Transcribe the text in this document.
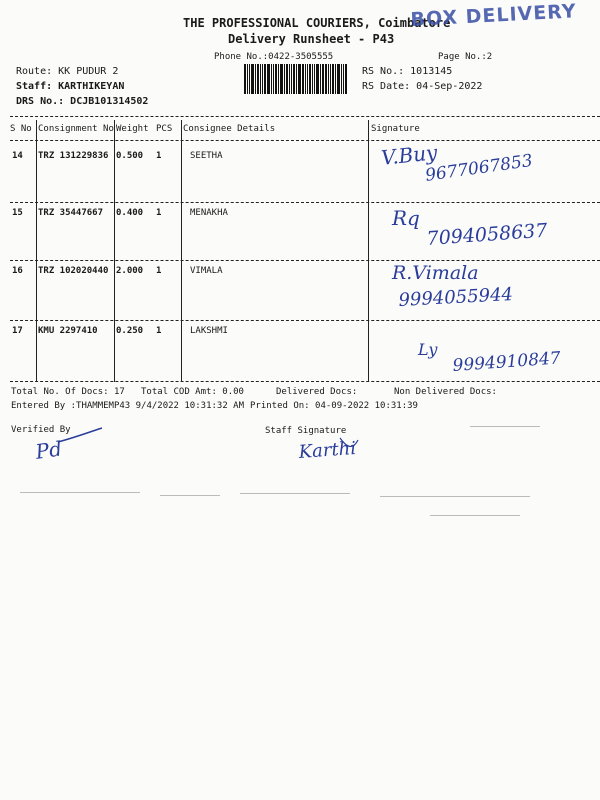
THE PROFESSIONAL COURIERS, Coimbatore
Delivery Runsheet - P43
Phone No.:0422-3505555	Page No.:2
BOX DELIVERY
Route: KK PUDUR 2
Staff: KARTHIKEYAN
DRS No.: DCJB101314502
RS No.: 1013145
RS Date: 04-Sep-2022
S No Consignment No Weight PCS Consignee Details	Signature
14 TRZ 131229836 0.500 1	SEETHA	V.Buy
9677067853
15 TRZ 35447667 0.400 1	MENAKHA	Rq
7094058637
16 TRZ 102020440 2.000 1	VIMALA	R.Vimala
9994055944
17 KMU 2297410 0.250 1	LAKSHMI
Ly 9994910847
Total No. Of Docs: 17 Total COD Amt: 0.00	Delivered Docs:	Non Delivered Docs:
Entered By :THAMMEMP43 9/4/2022 10:31:32 AM Printed On: 04-09-2022 10:31:39
Verified By
Pd
Staff Signature
Karthi
